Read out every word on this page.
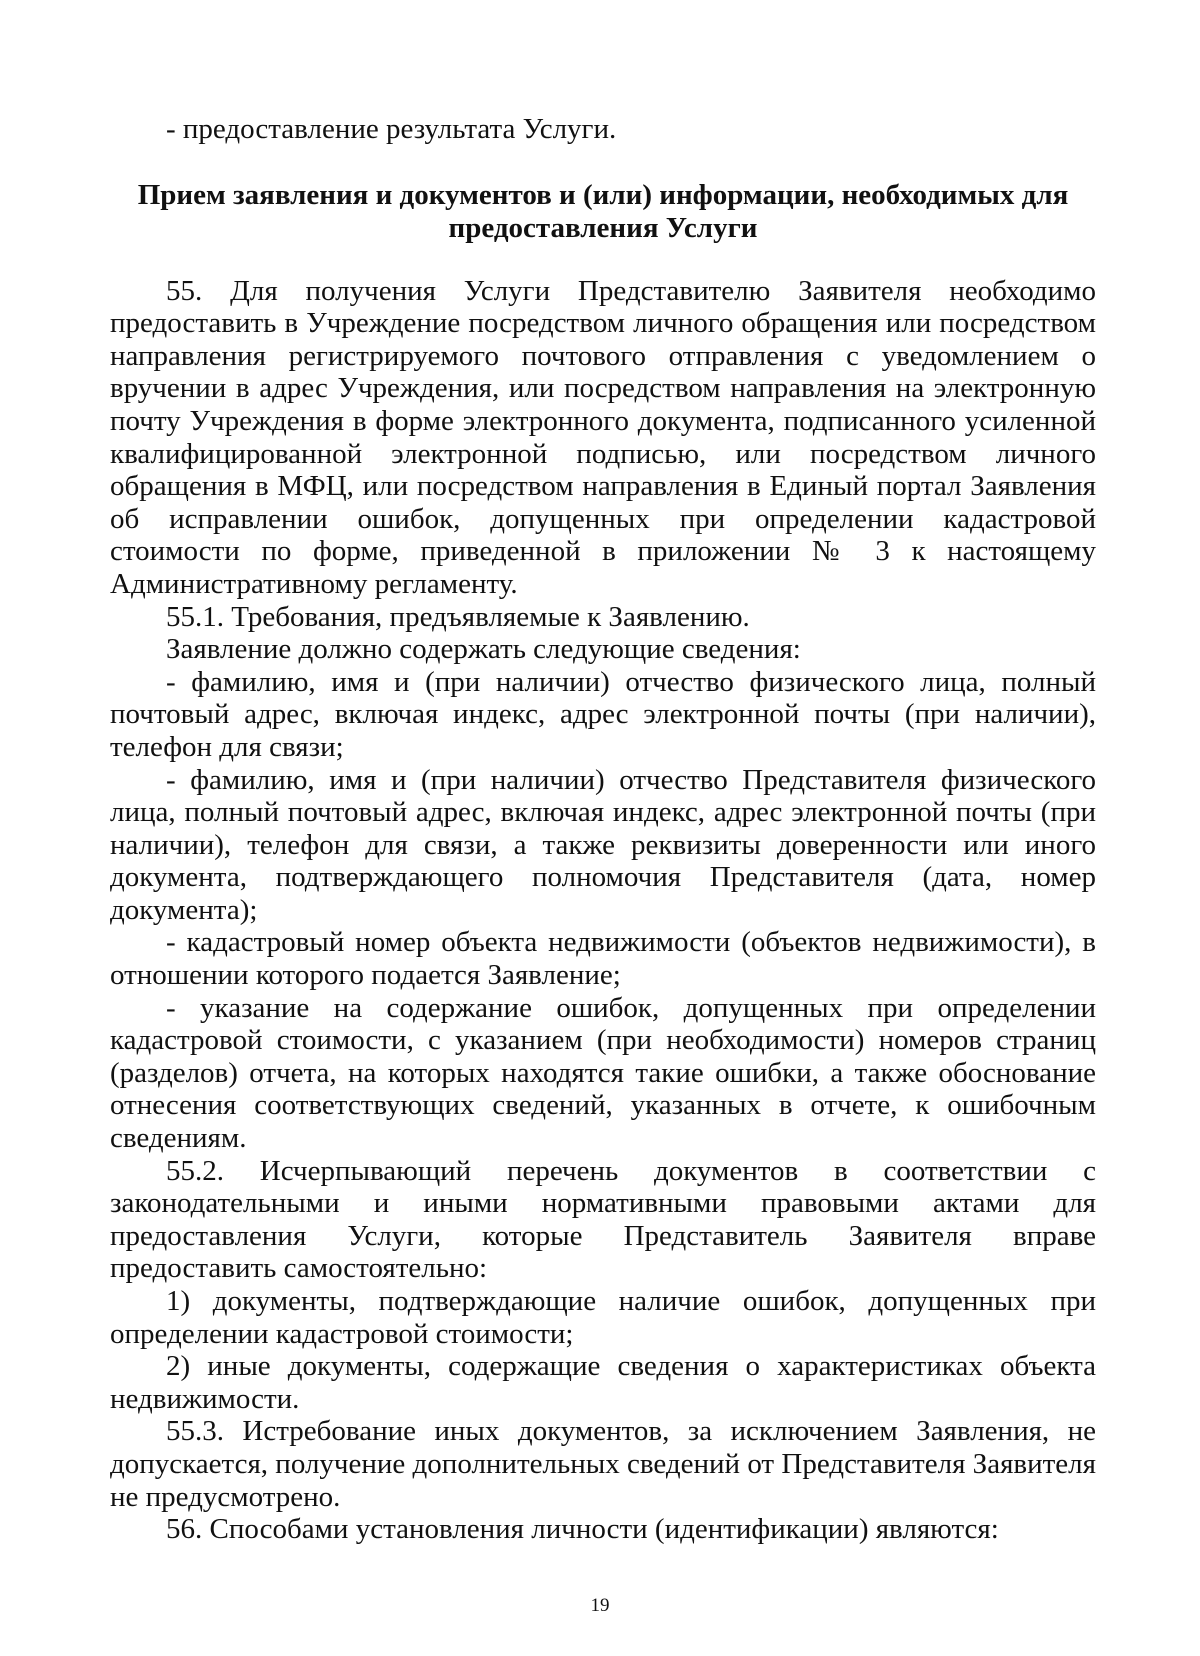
- предоставление результата Услуги.

Прием заявления и документов и (или) информации, необходимых для
предоставления Услуги

55. Для получения Услуги Представителю Заявителя необходимо предоставить в Учреждение посредством личного обращения или посредством направления регистрируемого почтового отправления с уведомлением о вручении в адрес Учреждения, или посредством направления на электронную почту Учреждения в форме электронного документа, подписанного усиленной квалифицированной электронной подписью, или посредством личного обращения в МФЦ, или посредством направления в Единый портал Заявления об исправлении ошибок, допущенных при определении кадастровой стоимости по форме, приведенной в приложении № 3 к настоящему Административному регламенту.

55.1. Требования, предъявляемые к Заявлению.

Заявление должно содержать следующие сведения:

- фамилию, имя и (при наличии) отчество физического лица, полный почтовый адрес, включая индекс, адрес электронной почты (при наличии), телефон для связи;

- фамилию, имя и (при наличии) отчество Представителя физического лица, полный почтовый адрес, включая индекс, адрес электронной почты (при наличии), телефон для связи, а также реквизиты доверенности или иного документа, подтверждающего полномочия Представителя (дата, номер документа);

- кадастровый номер объекта недвижимости (объектов недвижимости), в отношении которого подается Заявление;

- указание на содержание ошибок, допущенных при определении кадастровой стоимости, с указанием (при необходимости) номеров страниц (разделов) отчета, на которых находятся такие ошибки, а также обоснование отнесения соответствующих сведений, указанных в отчете, к ошибочным сведениям.

55.2. Исчерпывающий перечень документов в соответствии с законодательными и иными нормативными правовыми актами для предоставления Услуги, которые Представитель Заявителя вправе предоставить самостоятельно:

1) документы, подтверждающие наличие ошибок, допущенных при определении кадастровой стоимости;

2) иные документы, содержащие сведения о характеристиках объекта недвижимости.

55.3. Истребование иных документов, за исключением Заявления, не допускается, получение дополнительных сведений от Представителя Заявителя не предусмотрено.

56. Способами установления личности (идентификации) являются:

19
